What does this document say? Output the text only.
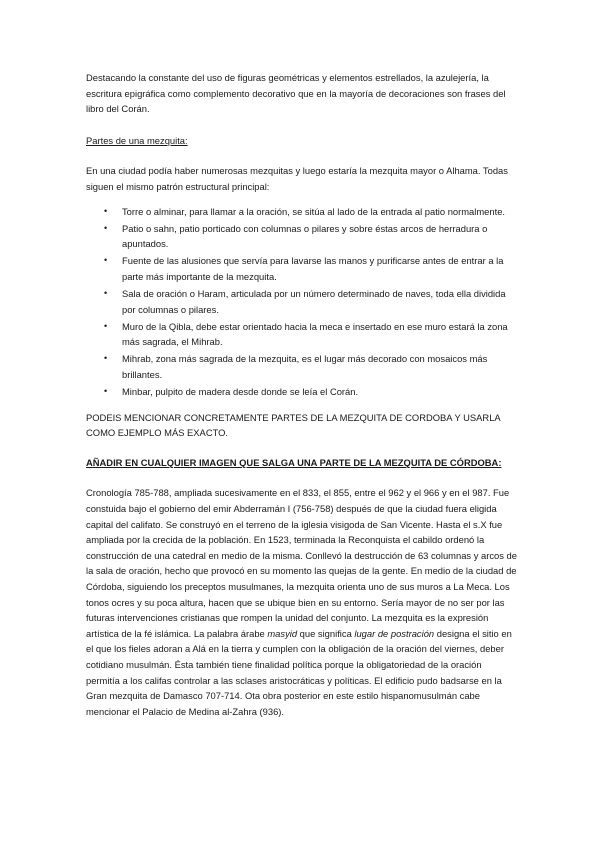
Destacando la constante del uso de figuras geométricas y elementos estrellados, la azulejería, la escritura epigráfica como complemento decorativo que en la mayoría de decoraciones son frases del libro del Corán.

Partes de una mezquita:

En una ciudad podía haber numerosas mezquitas y luego estaría la mezquita mayor o Alhama. Todas siguen el mismo patrón estructural principal:

• Torre o alminar, para llamar a la oración, se sitúa al lado de la entrada al patio normalmente.
• Patio o sahn, patio porticado con columnas o pilares y sobre éstas arcos de herradura o apuntados.
• Fuente de las alusiones que servía para lavarse las manos y purificarse antes de entrar a la parte más importante de la mezquita.
• Sala de oración o Haram, articulada por un número determinado de naves, toda ella dividida por columnas o pilares.
• Muro de la Qibla, debe estar orientado hacia la meca e insertado en ese muro estará la zona más sagrada, el Mihrab.
• Mihrab, zona más sagrada de la mezquita, es el lugar más decorado con mosaicos más brillantes.
• Minbar, pulpito de madera desde donde se leía el Corán.

PODEIS MENCIONAR CONCRETAMENTE PARTES DE LA MEZQUITA DE CORDOBA Y USARLA COMO EJEMPLO MÁS EXACTO.

AÑADIR EN CUALQUIER IMAGEN QUE SALGA UNA PARTE DE LA MEZQUITA DE CÓRDOBA:

Cronología 785-788, ampliada sucesivamente en el 833, el 855, entre el 962 y el 966 y en el 987. Fue constuida bajo el gobierno del emir Abderramán I (756-758) después de que la ciudad fuera eligida capital del califato. Se construyó en el terreno de la iglesia visigoda de San Vicente. Hasta el s.X fue ampliada por la crecida de la población. En 1523, terminada la Reconquista el cabildo ordenó la construcción de una catedral en medio de la misma. Conllevó la destrucción de 63 columnas y arcos de la sala de oración, hecho que provocó en su momento las quejas de la gente. En medio de la ciudad de Córdoba, siguiendo los preceptos musulmanes, la mezquita orienta uno de sus muros a La Meca. Los tonos ocres y su poca altura, hacen que se ubique bien en su entorno. Sería mayor de no ser por las futuras intervenciones cristianas que rompen la unidad del conjunto. La mezquita es la expresión artística de la fé islámica. La palabra árabe masyid que significa lugar de postración designa el sitio en el que los fieles adoran a Alá en la tierra y cumplen con la obligación de la oración del viernes, deber cotidiano musulmán. Ésta también tiene finalidad política porque la obligatoriedad de la oración permitía a los califas controlar a las sclases aristocráticas y políticas. El edificio pudo badsarse en la Gran mezquita de Damasco 707-714. Ota obra posterior en este estilo hispanomusulmán cabe mencionar el Palacio de Medina al-Zahra (936).
